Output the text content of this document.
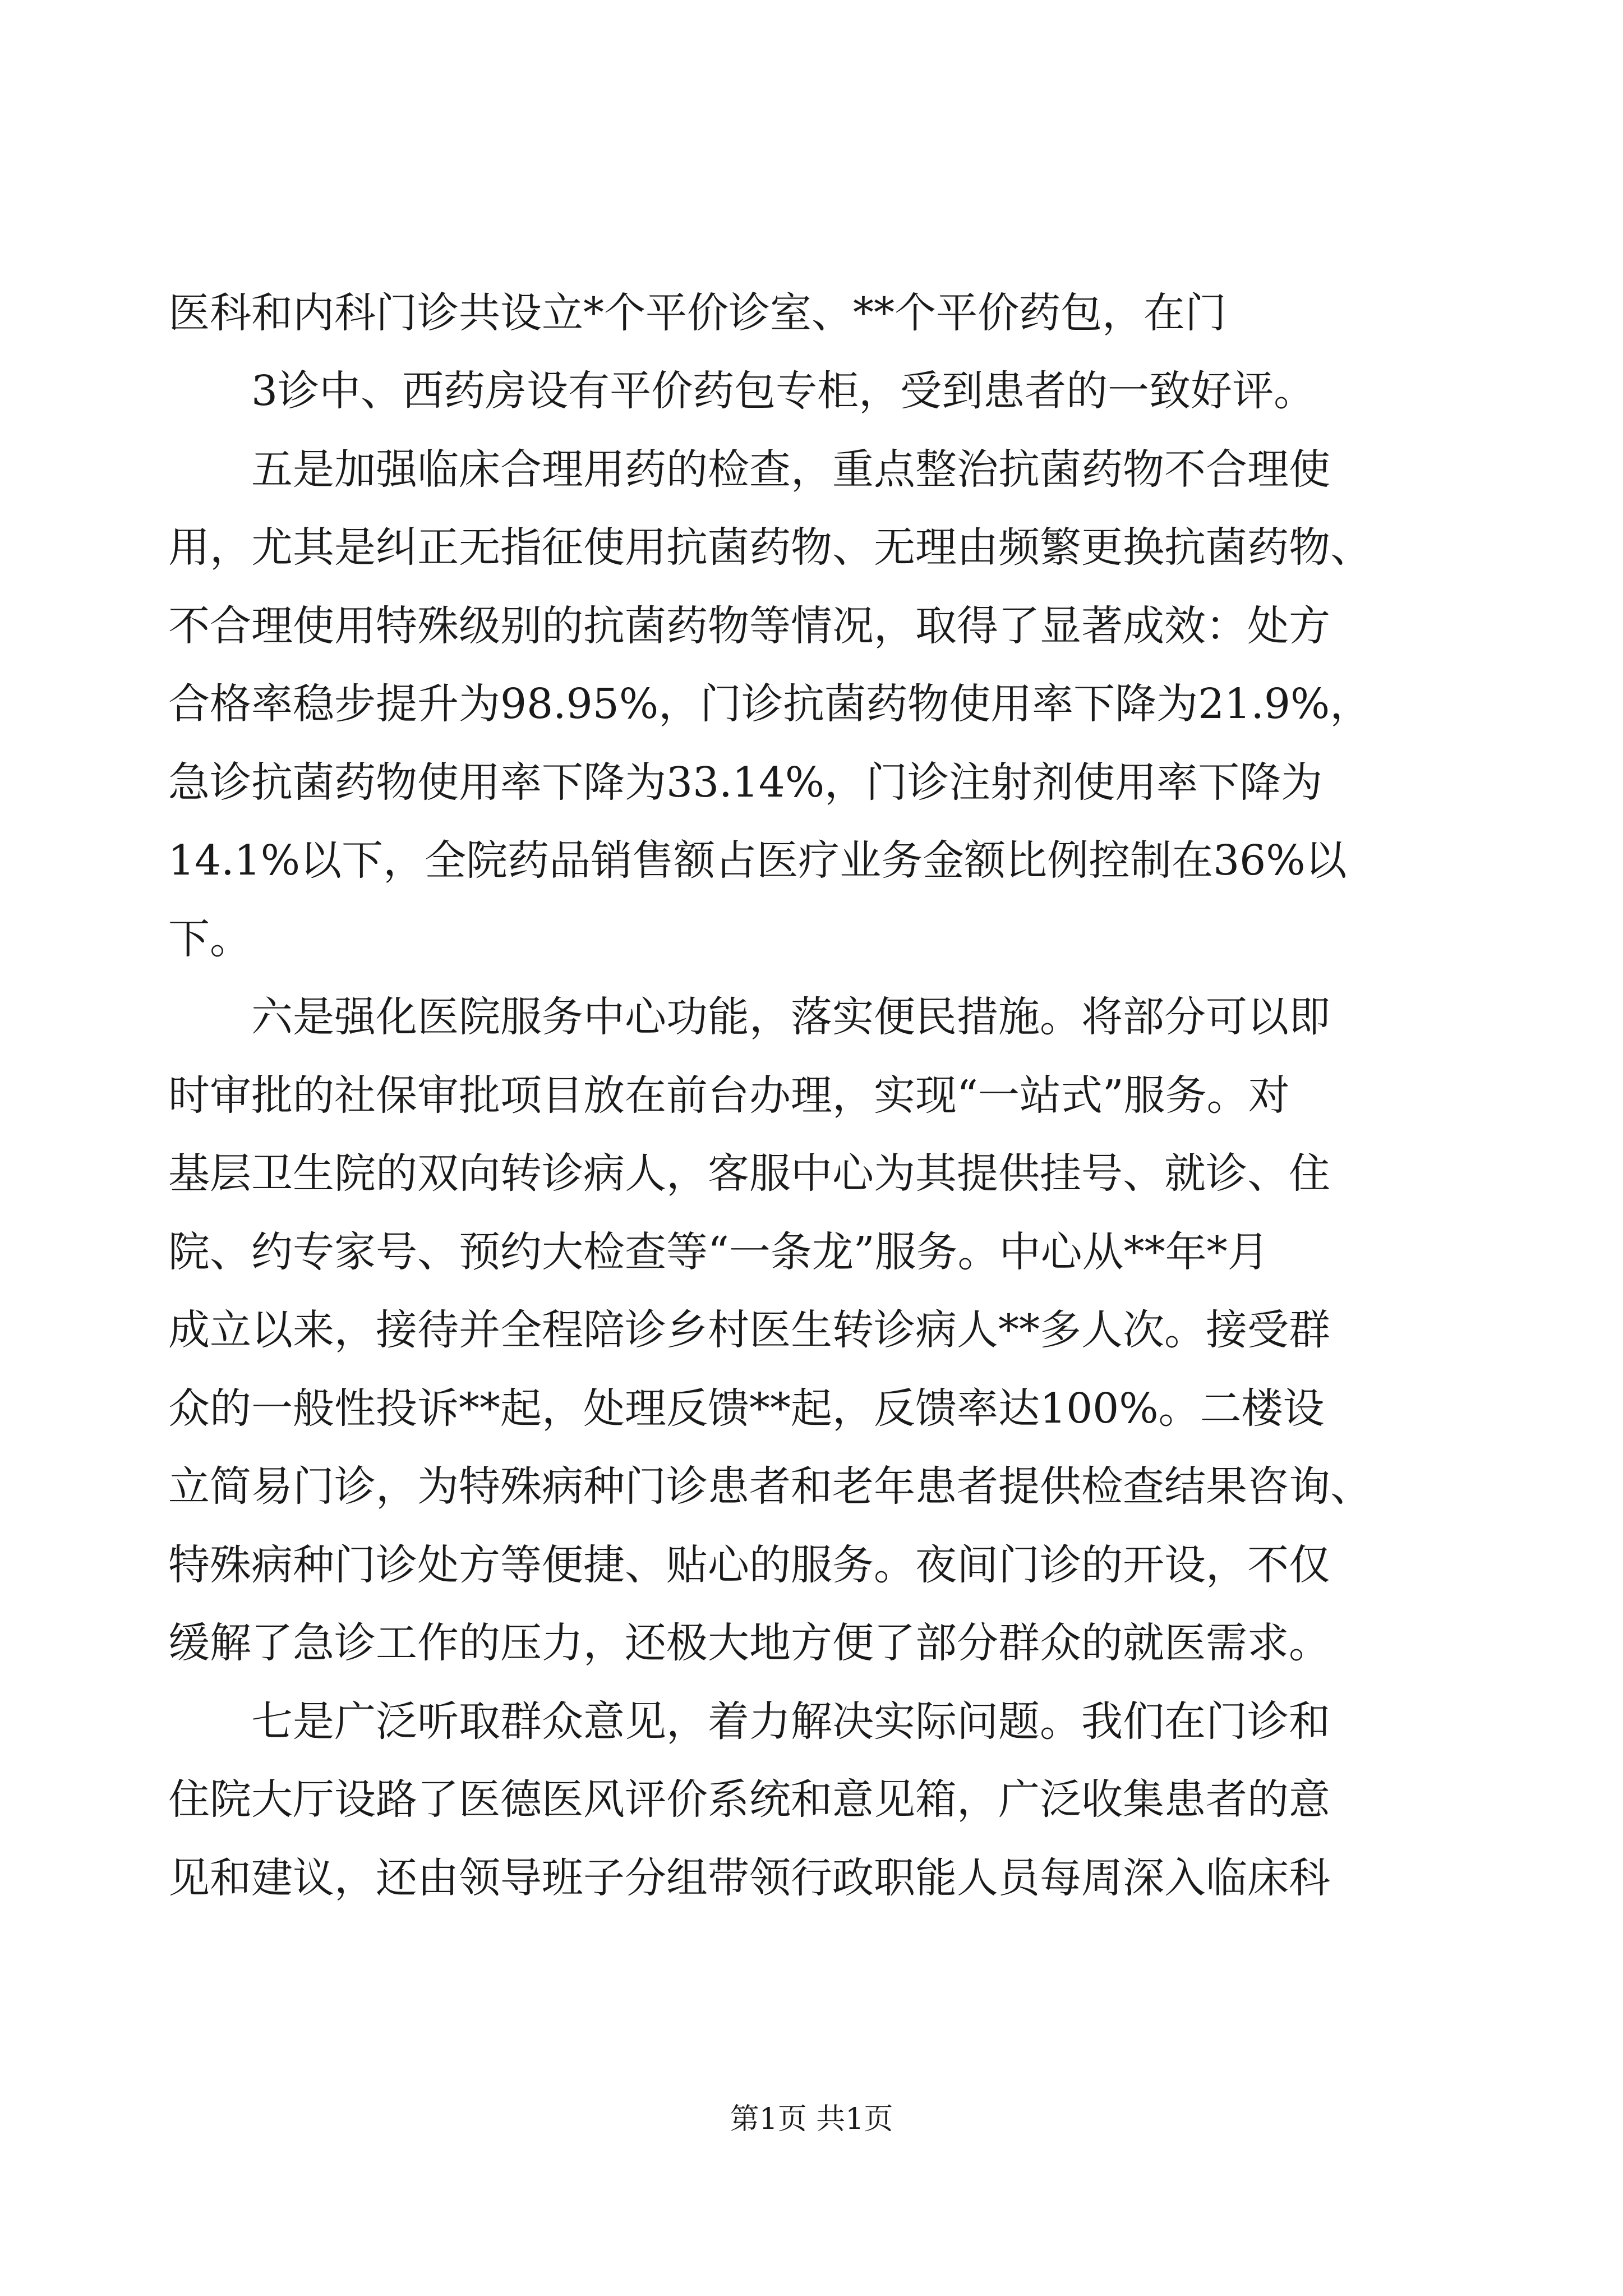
医科和内科门诊共设立*个平价诊室、**个平价药包，在门
3诊中、西药房设有平价药包专柜，受到患者的一致好评。
五是加强临床合理用药的检查，重点整治抗菌药物不合理使
用，尤其是纠正无指征使用抗菌药物、无理由频繁更换抗菌药物、
不合理使用特殊级别的抗菌药物等情况，取得了显著成效：处方
合格率稳步提升为98.95%，门诊抗菌药物使用率下降为21.9%，
急诊抗菌药物使用率下降为33.14%，门诊注射剂使用率下降为
14.1%以下，全院药品销售额占医疗业务金额比例控制在36%以
下。
六是强化医院服务中心功能，落实便民措施。将部分可以即
时审批的社保审批项目放在前台办理，实现“一站式”服务。对
基层卫生院的双向转诊病人，客服中心为其提供挂号、就诊、住
院、约专家号、预约大检查等“一条龙”服务。中心从**年*月
成立以来，接待并全程陪诊乡村医生转诊病人**多人次。接受群
众的一般性投诉**起，处理反馈**起，反馈率达100%。二楼设
立简易门诊，为特殊病种门诊患者和老年患者提供检查结果咨询、
特殊病种门诊处方等便捷、贴心的服务。夜间门诊的开设，不仅
缓解了急诊工作的压力，还极大地方便了部分群众的就医需求。
七是广泛听取群众意见，着力解决实际问题。我们在门诊和
住院大厅设路了医德医风评价系统和意见箱，广泛收集患者的意
见和建议，还由领导班子分组带领行政职能人员每周深入临床科
第1页 共1页
